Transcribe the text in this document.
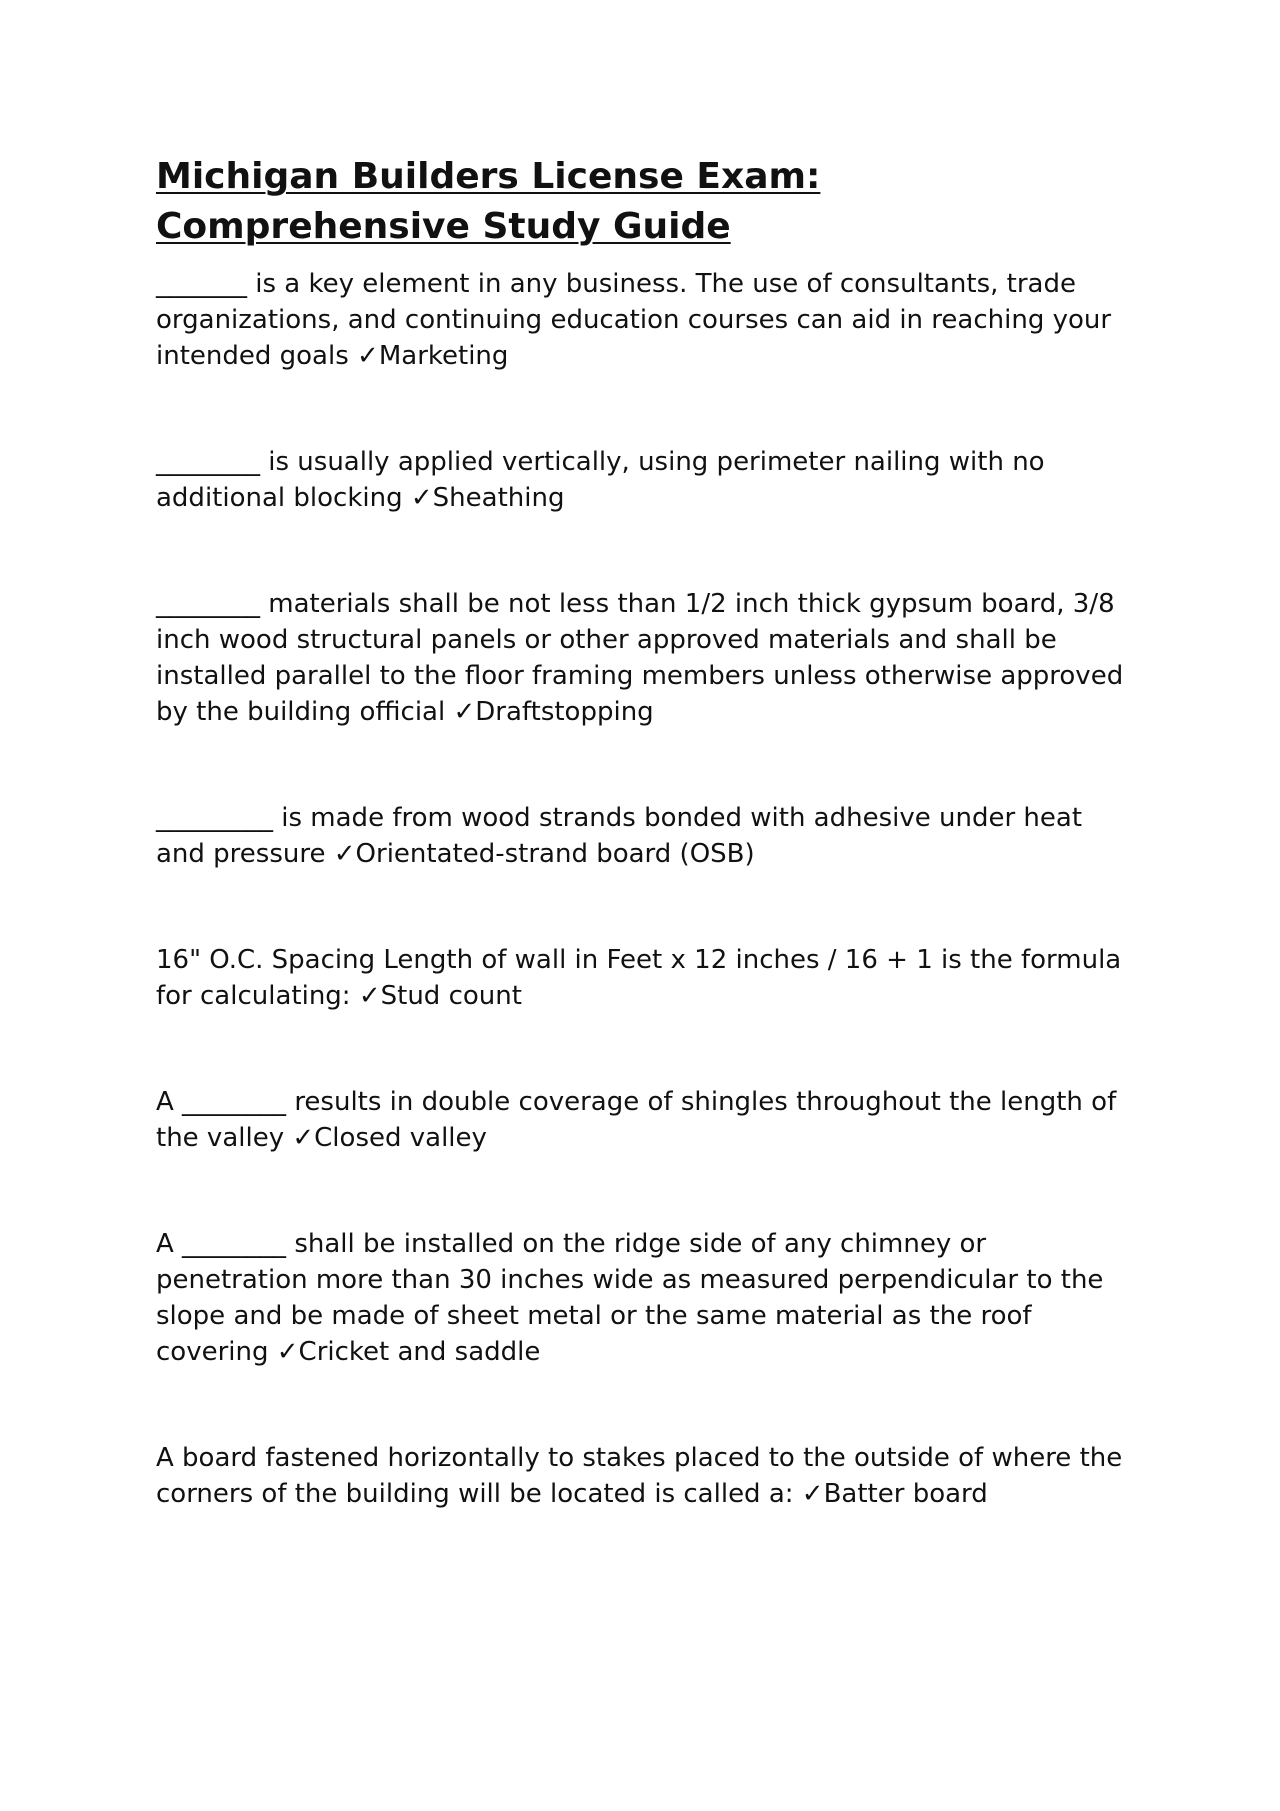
Michigan Builders License Exam:
Comprehensive Study Guide

_______ is a key element in any business. The use of consultants, trade organizations, and continuing education courses can aid in reaching your intended goals ✓Marketing

________ is usually applied vertically, using perimeter nailing with no additional blocking ✓Sheathing

________ materials shall be not less than 1/2 inch thick gypsum board, 3/8 inch wood structural panels or other approved materials and shall be installed parallel to the floor framing members unless otherwise approved by the building official ✓Draftstopping

_________ is made from wood strands bonded with adhesive under heat and pressure ✓Orientated-strand board (OSB)

16" O.C. Spacing Length of wall in Feet x 12 inches / 16 + 1 is the formula for calculating: ✓Stud count

A ________ results in double coverage of shingles throughout the length of the valley ✓Closed valley

A ________ shall be installed on the ridge side of any chimney or penetration more than 30 inches wide as measured perpendicular to the slope and be made of sheet metal or the same material as the roof covering ✓Cricket and saddle

A board fastened horizontally to stakes placed to the outside of where the corners of the building will be located is called a: ✓Batter board
